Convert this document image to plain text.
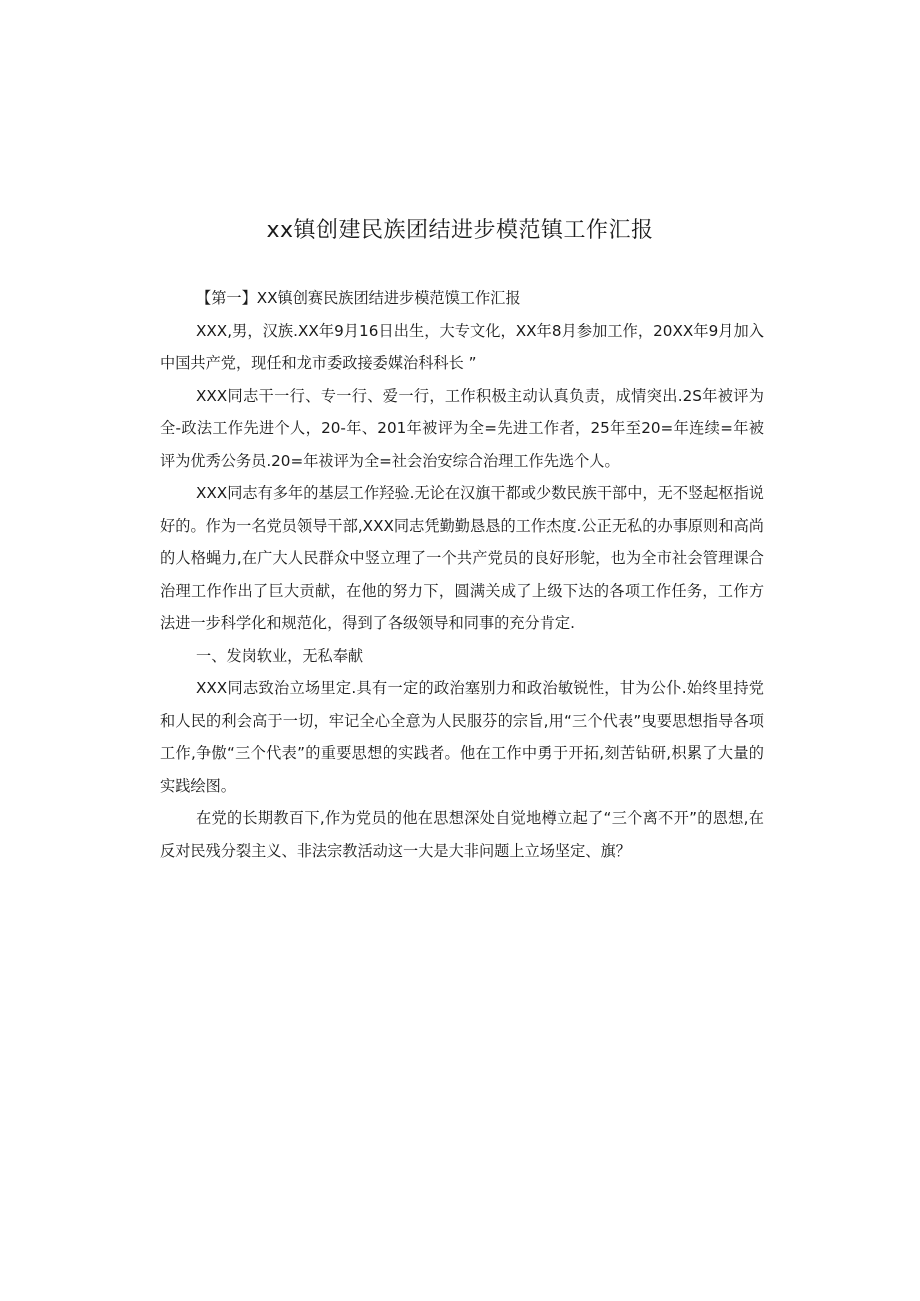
xx镇创建民族团结进步模范镇工作汇报

【第一】XX镇创赛民族团结进步模范馍工作汇报

XXX,男，汉族.XX年9月16日出生，大专文化，XX年8月参加工作，20XX年9月加入中国共产党，现任和龙市委政接委媒治科科长 ”

XXX同志干一行、专一行、爱一行，工作积极主动认真负责，成情突出.2S年被评为全-政法工作先进个人，20-年、201年被评为全=先进工作者，25年至20=年连续=年被评为优秀公务员.20=年祓评为全=社会治安综合治理工作先选个人。

XXX同志有多年的基层工作羟验.无论在汉旗干都或少数民族干部中，无不竖起枢指说好的。作为一名党员领导干部,XXX同志凭勤勤恳恳的工作杰度.公正无私的办事原则和高尚的人格蝇力,在广大人民群众中竖立理了一个共产党员的良好形鸵，也为全市社会管理课合治理工作作出了巨大贡献，在他的努力下，圆满关成了上级下达的各项工作任务，工作方法进一步科学化和规范化，得到了各级领导和同事的充分肯定.

一、发岗软业，无私奉献

XXX同志致治立场里定.具有一定的政治塞别力和政治敏锐性，甘为公仆.始终里持党和人民的利会高于一切，牢记全心全意为人民服芬的宗旨,用“三个代表”曳要思想指导各项工作,争傲“三个代表”的重要思想的实践者。他在工作中勇于开拓,刻苦钻研,枳累了大量的实践绘图。

在党的长期教百下,作为党员的他在思想深处自觉地樽立起了“三个离不开”的恩想,在反对民残分裂主义、非法宗教活动这一大是大非问题上立场坚定、旗？
